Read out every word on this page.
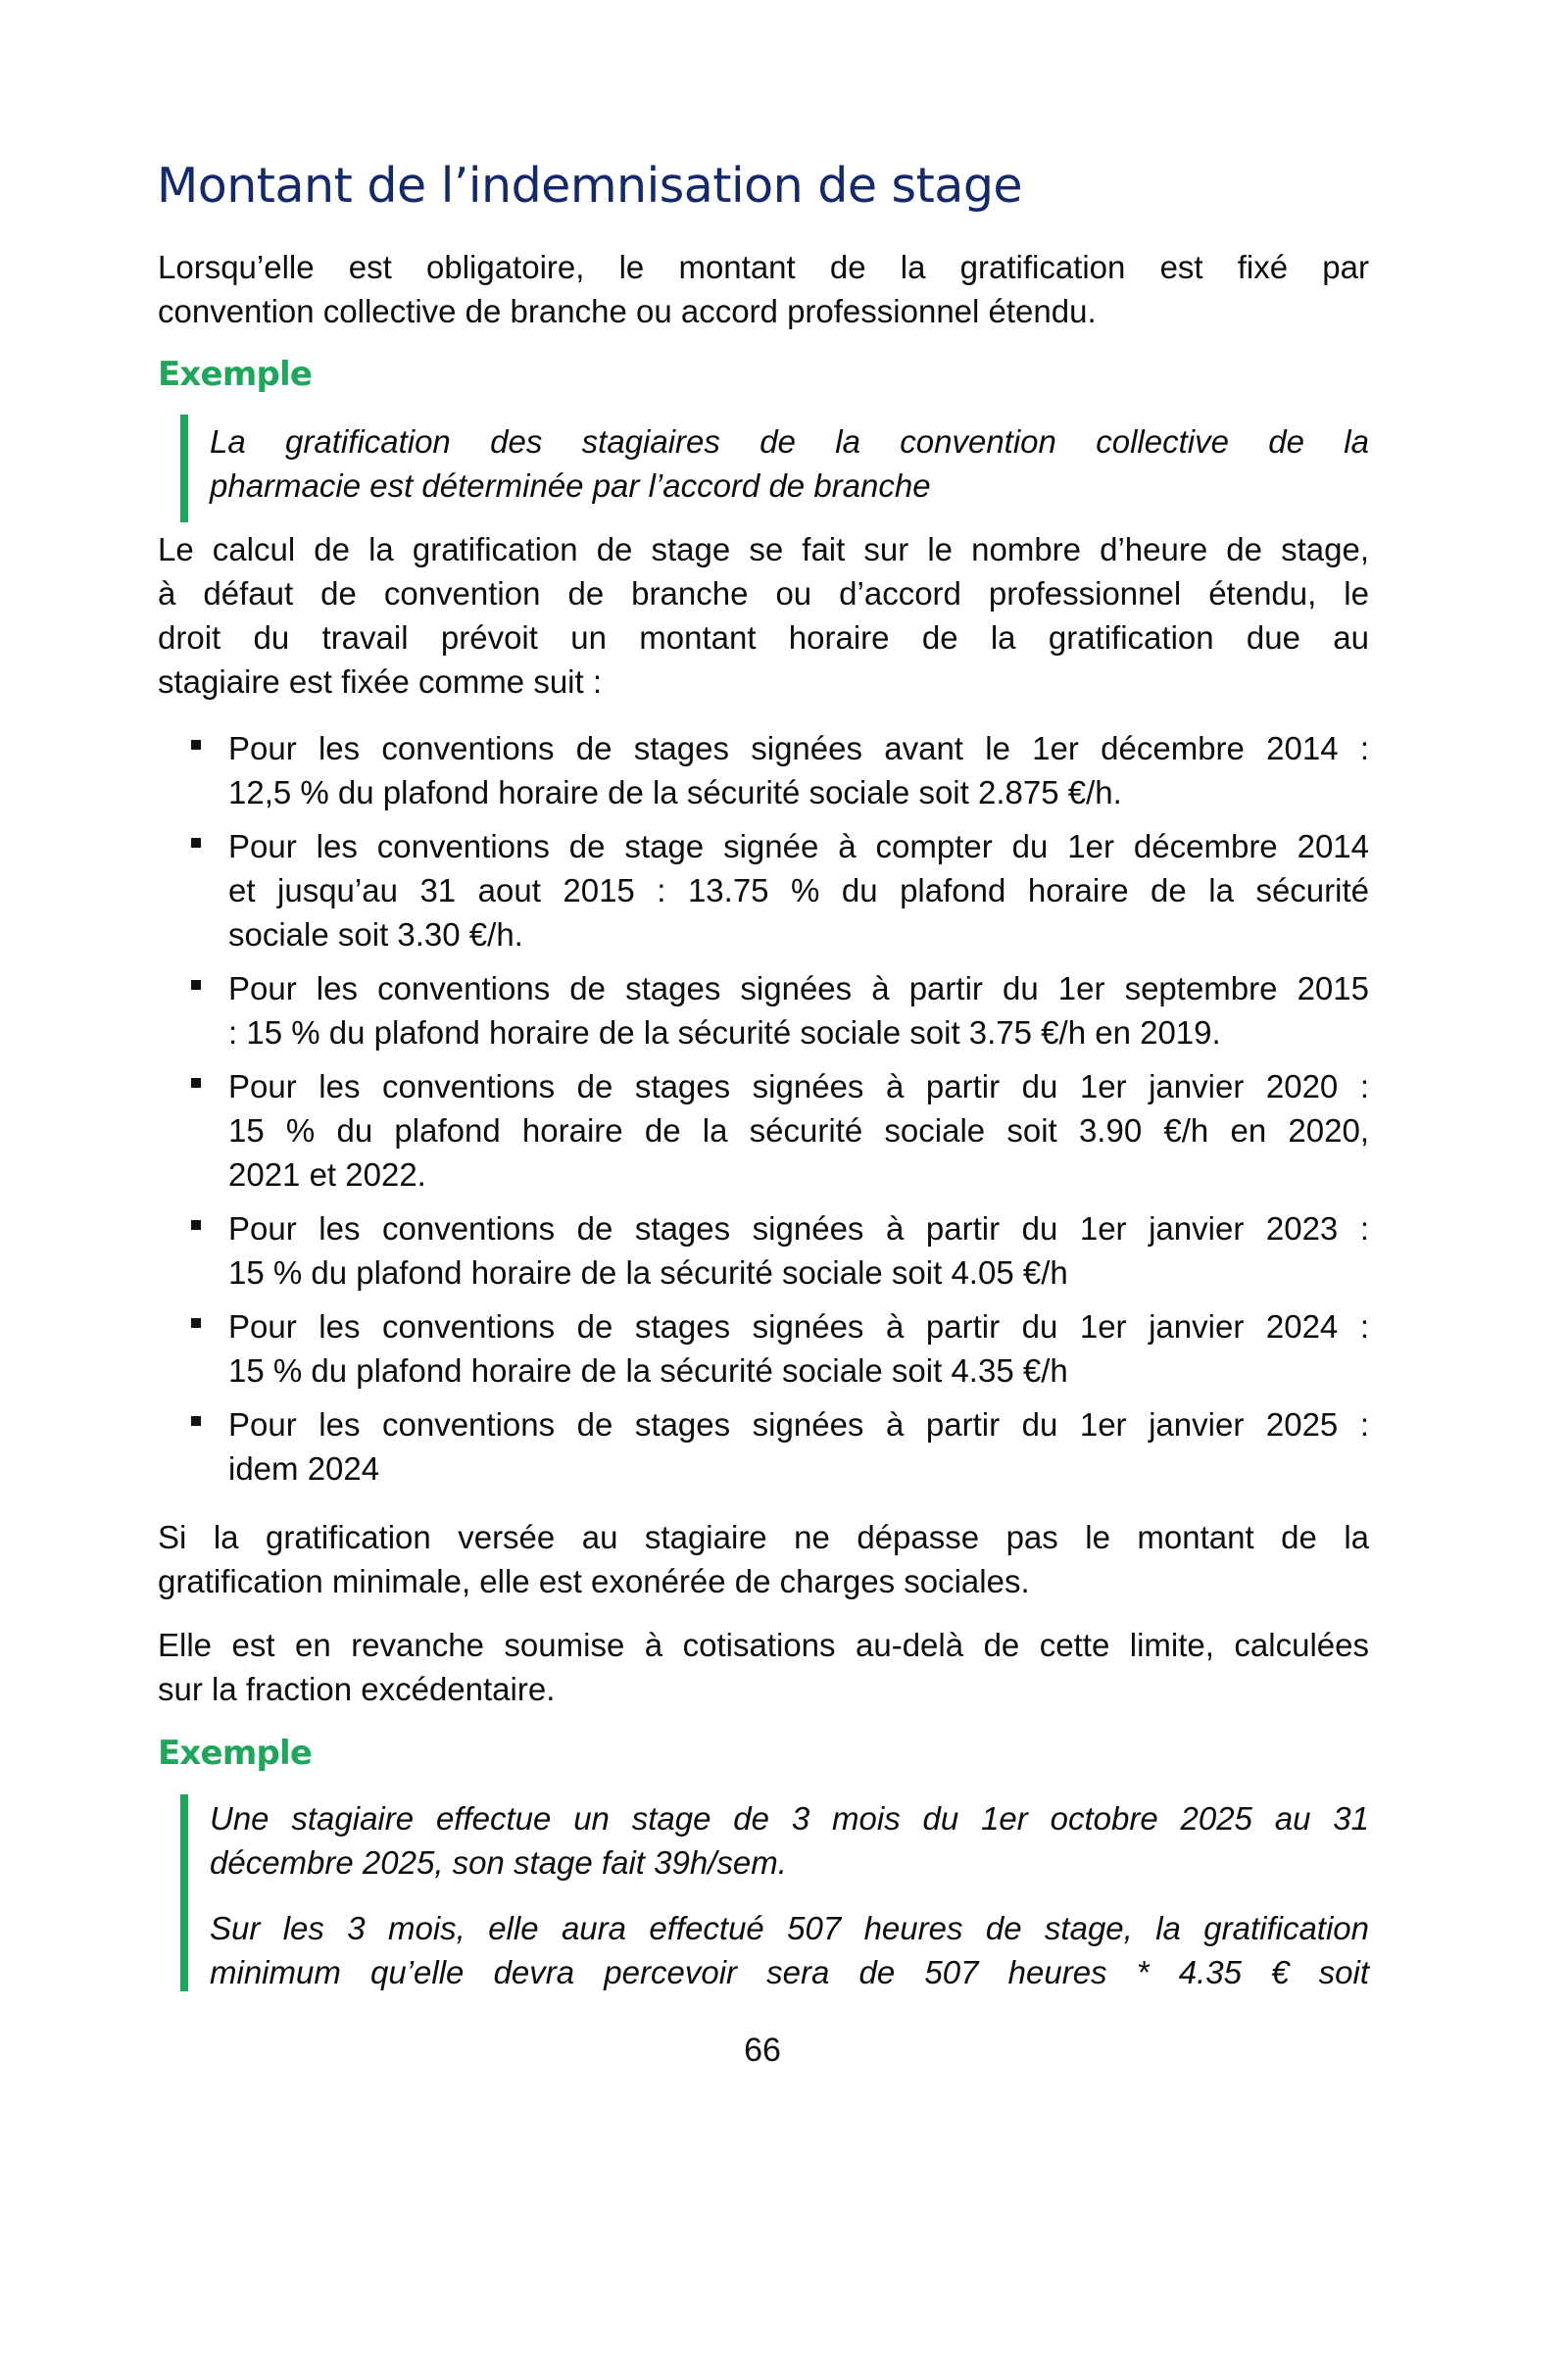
Montant de l’indemnisation de stage
Lorsqu’elle est obligatoire, le montant de la gratification est fixé par
convention collective de branche ou accord professionnel étendu.
Exemple
La gratification des stagiaires de la convention collective de la
pharmacie est déterminée par l’accord de branche
Le calcul de la gratification de stage se fait sur le nombre d’heure de stage,
à défaut de convention de branche ou d’accord professionnel étendu, le
droit du travail prévoit un montant horaire de la gratification due au
stagiaire est fixée comme suit :
Pour les conventions de stages signées avant le 1er décembre 2014 :
12,5 % du plafond horaire de la sécurité sociale soit 2.875 €/h.
Pour les conventions de stage signée à compter du 1er décembre 2014
et jusqu’au 31 aout 2015 : 13.75 % du plafond horaire de la sécurité
sociale soit 3.30 €/h.
Pour les conventions de stages signées à partir du 1er septembre 2015
: 15 % du plafond horaire de la sécurité sociale soit 3.75 €/h en 2019.
Pour les conventions de stages signées à partir du 1er janvier 2020 :
15 % du plafond horaire de la sécurité sociale soit 3.90 €/h en 2020,
2021 et 2022.
Pour les conventions de stages signées à partir du 1er janvier 2023 :
15 % du plafond horaire de la sécurité sociale soit 4.05 €/h
Pour les conventions de stages signées à partir du 1er janvier 2024 :
15 % du plafond horaire de la sécurité sociale soit 4.35 €/h
Pour les conventions de stages signées à partir du 1er janvier 2025 :
idem 2024
Si la gratification versée au stagiaire ne dépasse pas le montant de la
gratification minimale, elle est exonérée de charges sociales.
Elle est en revanche soumise à cotisations au-delà de cette limite, calculées
sur la fraction excédentaire.
Exemple
Une stagiaire effectue un stage de 3 mois du 1er octobre 2025 au 31
décembre 2025, son stage fait 39h/sem.
Sur les 3 mois, elle aura effectué 507 heures de stage, la gratification
minimum qu’elle devra percevoir sera de 507 heures * 4.35 € soit
66
